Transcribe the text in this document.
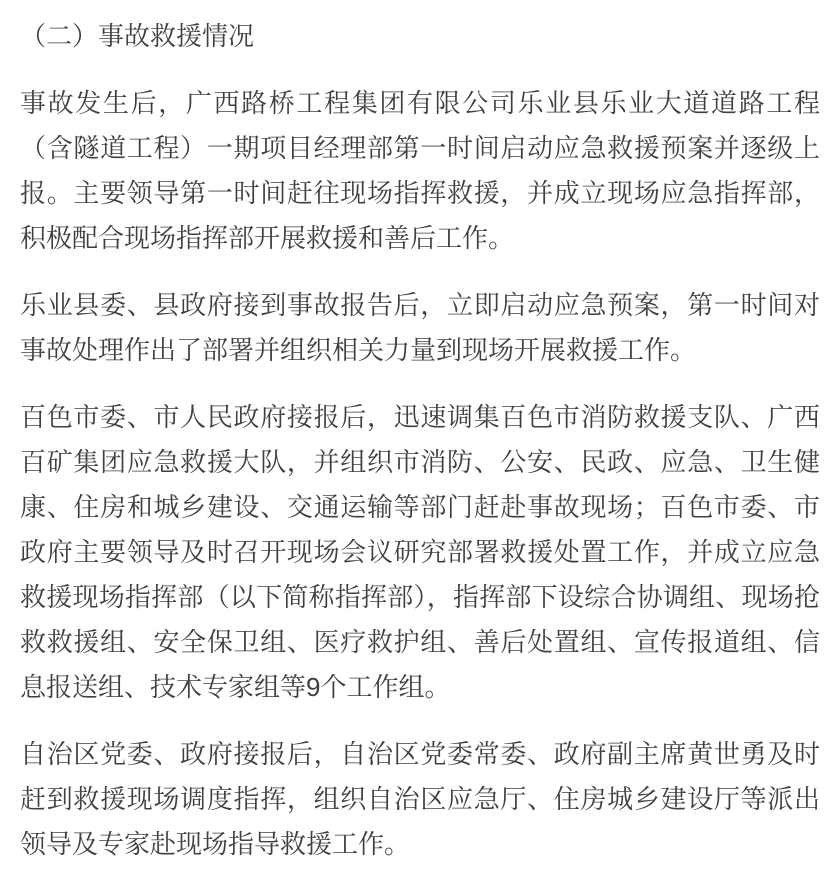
（二）事故救援情况

事故发生后，广西路桥工程集团有限公司乐业县乐业大道道路工程（含隧道工程）一期项目经理部第一时间启动应急救援预案并逐级上报。主要领导第一时间赶往现场指挥救援，并成立现场应急指挥部，积极配合现场指挥部开展救援和善后工作。

乐业县委、县政府接到事故报告后，立即启动应急预案，第一时间对事故处理作出了部署并组织相关力量到现场开展救援工作。

百色市委、市人民政府接报后，迅速调集百色市消防救援支队、广西百矿集团应急救援大队，并组织市消防、公安、民政、应急、卫生健康、住房和城乡建设、交通运输等部门赶赴事故现场；百色市委、市政府主要领导及时召开现场会议研究部署救援处置工作，并成立应急救援现场指挥部（以下简称指挥部），指挥部下设综合协调组、现场抢救救援组、安全保卫组、医疗救护组、善后处置组、宣传报道组、信息报送组、技术专家组等9个工作组。

自治区党委、政府接报后，自治区党委常委、政府副主席黄世勇及时赶到救援现场调度指挥，组织自治区应急厅、住房城乡建设厅等派出领导及专家赴现场指导救援工作。
